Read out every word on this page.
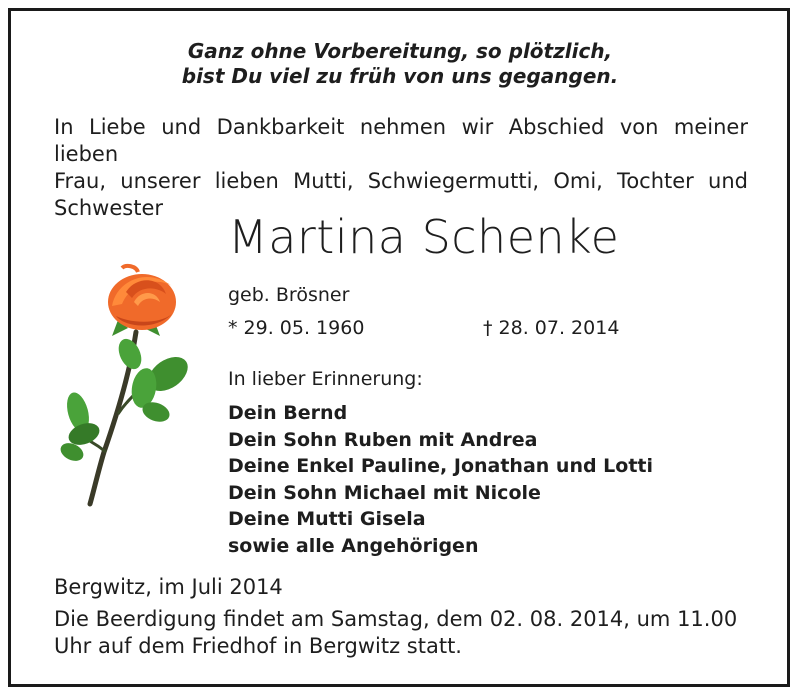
Ganz ohne Vorbereitung, so plötzlich,
bist Du viel zu früh von uns gegangen.
In Liebe und Dankbarkeit nehmen wir Abschied von meiner lieben
Frau, unserer lieben Mutti, Schwiegermutti, Omi, Tochter und
Schwester
Martina Schenke
geb. Brösner
* 29. 05. 1960	† 28. 07. 2014
In lieber Erinnerung:
Dein Bernd
Dein Sohn Ruben mit Andrea
Deine Enkel Pauline, Jonathan und Lotti
Dein Sohn Michael mit Nicole
Deine Mutti Gisela
sowie alle Angehörigen
Bergwitz, im Juli 2014
Die Beerdigung findet am Samstag, dem 02. 08. 2014, um 11.00
Uhr auf dem Friedhof in Bergwitz statt.
